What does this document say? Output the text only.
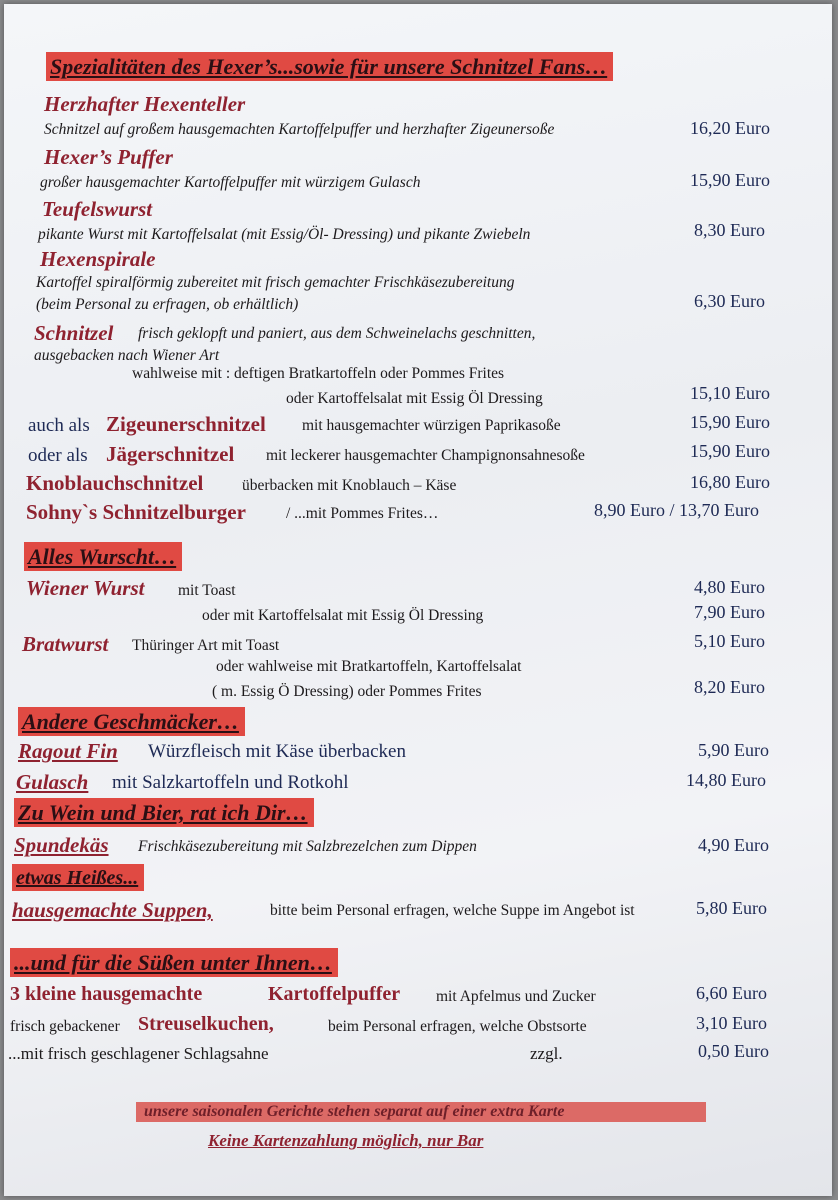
Spezialitäten des Hexer’s...sowie für unsere Schnitzel Fans…
Herzhafter Hexenteller
Schnitzel auf großem hausgemachten Kartoffelpuffer und herzhafter Zigeunersoße	16,20 Euro
Hexer’s Puffer
großer hausgemachter Kartoffelpuffer mit würzigem Gulasch	15,90 Euro
Teufelswurst
pikante Wurst mit Kartoffelsalat (mit Essig/Öl- Dressing) und pikante Zwiebeln	8,30 Euro
Hexenspirale
Kartoffel spiralförmig zubereitet mit frisch gemachter Frischkäsezubereitung
(beim Personal zu erfragen, ob erhältlich)	6,30 Euro
Schnitzel frisch geklopft und paniert, aus dem Schweinelachs geschnitten,
ausgebacken nach Wiener Art
wahlweise mit : deftigen Bratkartoffeln oder Pommes Frites
oder Kartoffelsalat mit Essig Öl Dressing	15,10 Euro
auch als Zigeunerschnitzel mit hausgemachter würzigen Paprikasoße	15,90 Euro
oder als Jägerschnitzel mit leckerer hausgemachter Champignonsahnesoße	15,90 Euro
Knoblauchschnitzel überbacken mit Knoblauch – Käse	16,80 Euro
Sohny`s Schnitzelburger	/ ...mit Pommes Frites…	8,90 Euro / 13,70 Euro
Alles Wurscht…
Wiener Wurst mit Toast	4,80 Euro
oder mit Kartoffelsalat mit Essig Öl Dressing	7,90 Euro
Bratwurst Thüringer Art mit Toast	5,10 Euro
oder wahlweise mit Bratkartoffeln, Kartoffelsalat
( m. Essig Ö Dressing) oder Pommes Frites	8,20 Euro
Andere Geschmäcker…
Ragout Fin Würzfleisch mit Käse überbacken	5,90 Euro
Gulasch mit Salzkartoffeln und Rotkohl	14,80 Euro
Zu Wein und Bier, rat ich Dir…
Spundekäs Frischkäsezubereitung mit Salzbrezelchen zum Dippen	4,90 Euro
etwas Heißes...
hausgemachte Suppen,	bitte beim Personal erfragen, welche Suppe im Angebot ist	5,80 Euro
...und für die Süßen unter Ihnen…
3 kleine hausgemachte	Kartoffelpuffer mit Apfelmus und Zucker	6,60 Euro
frisch gebackener Streuselkuchen,	beim Personal erfragen, welche Obstsorte	3,10 Euro
...mit frisch geschlagener Schlagsahne	zzgl.	0,50 Euro
unsere saisonalen Gerichte stehen separat auf einer extra Karte
Keine Kartenzahlung möglich, nur Bar
